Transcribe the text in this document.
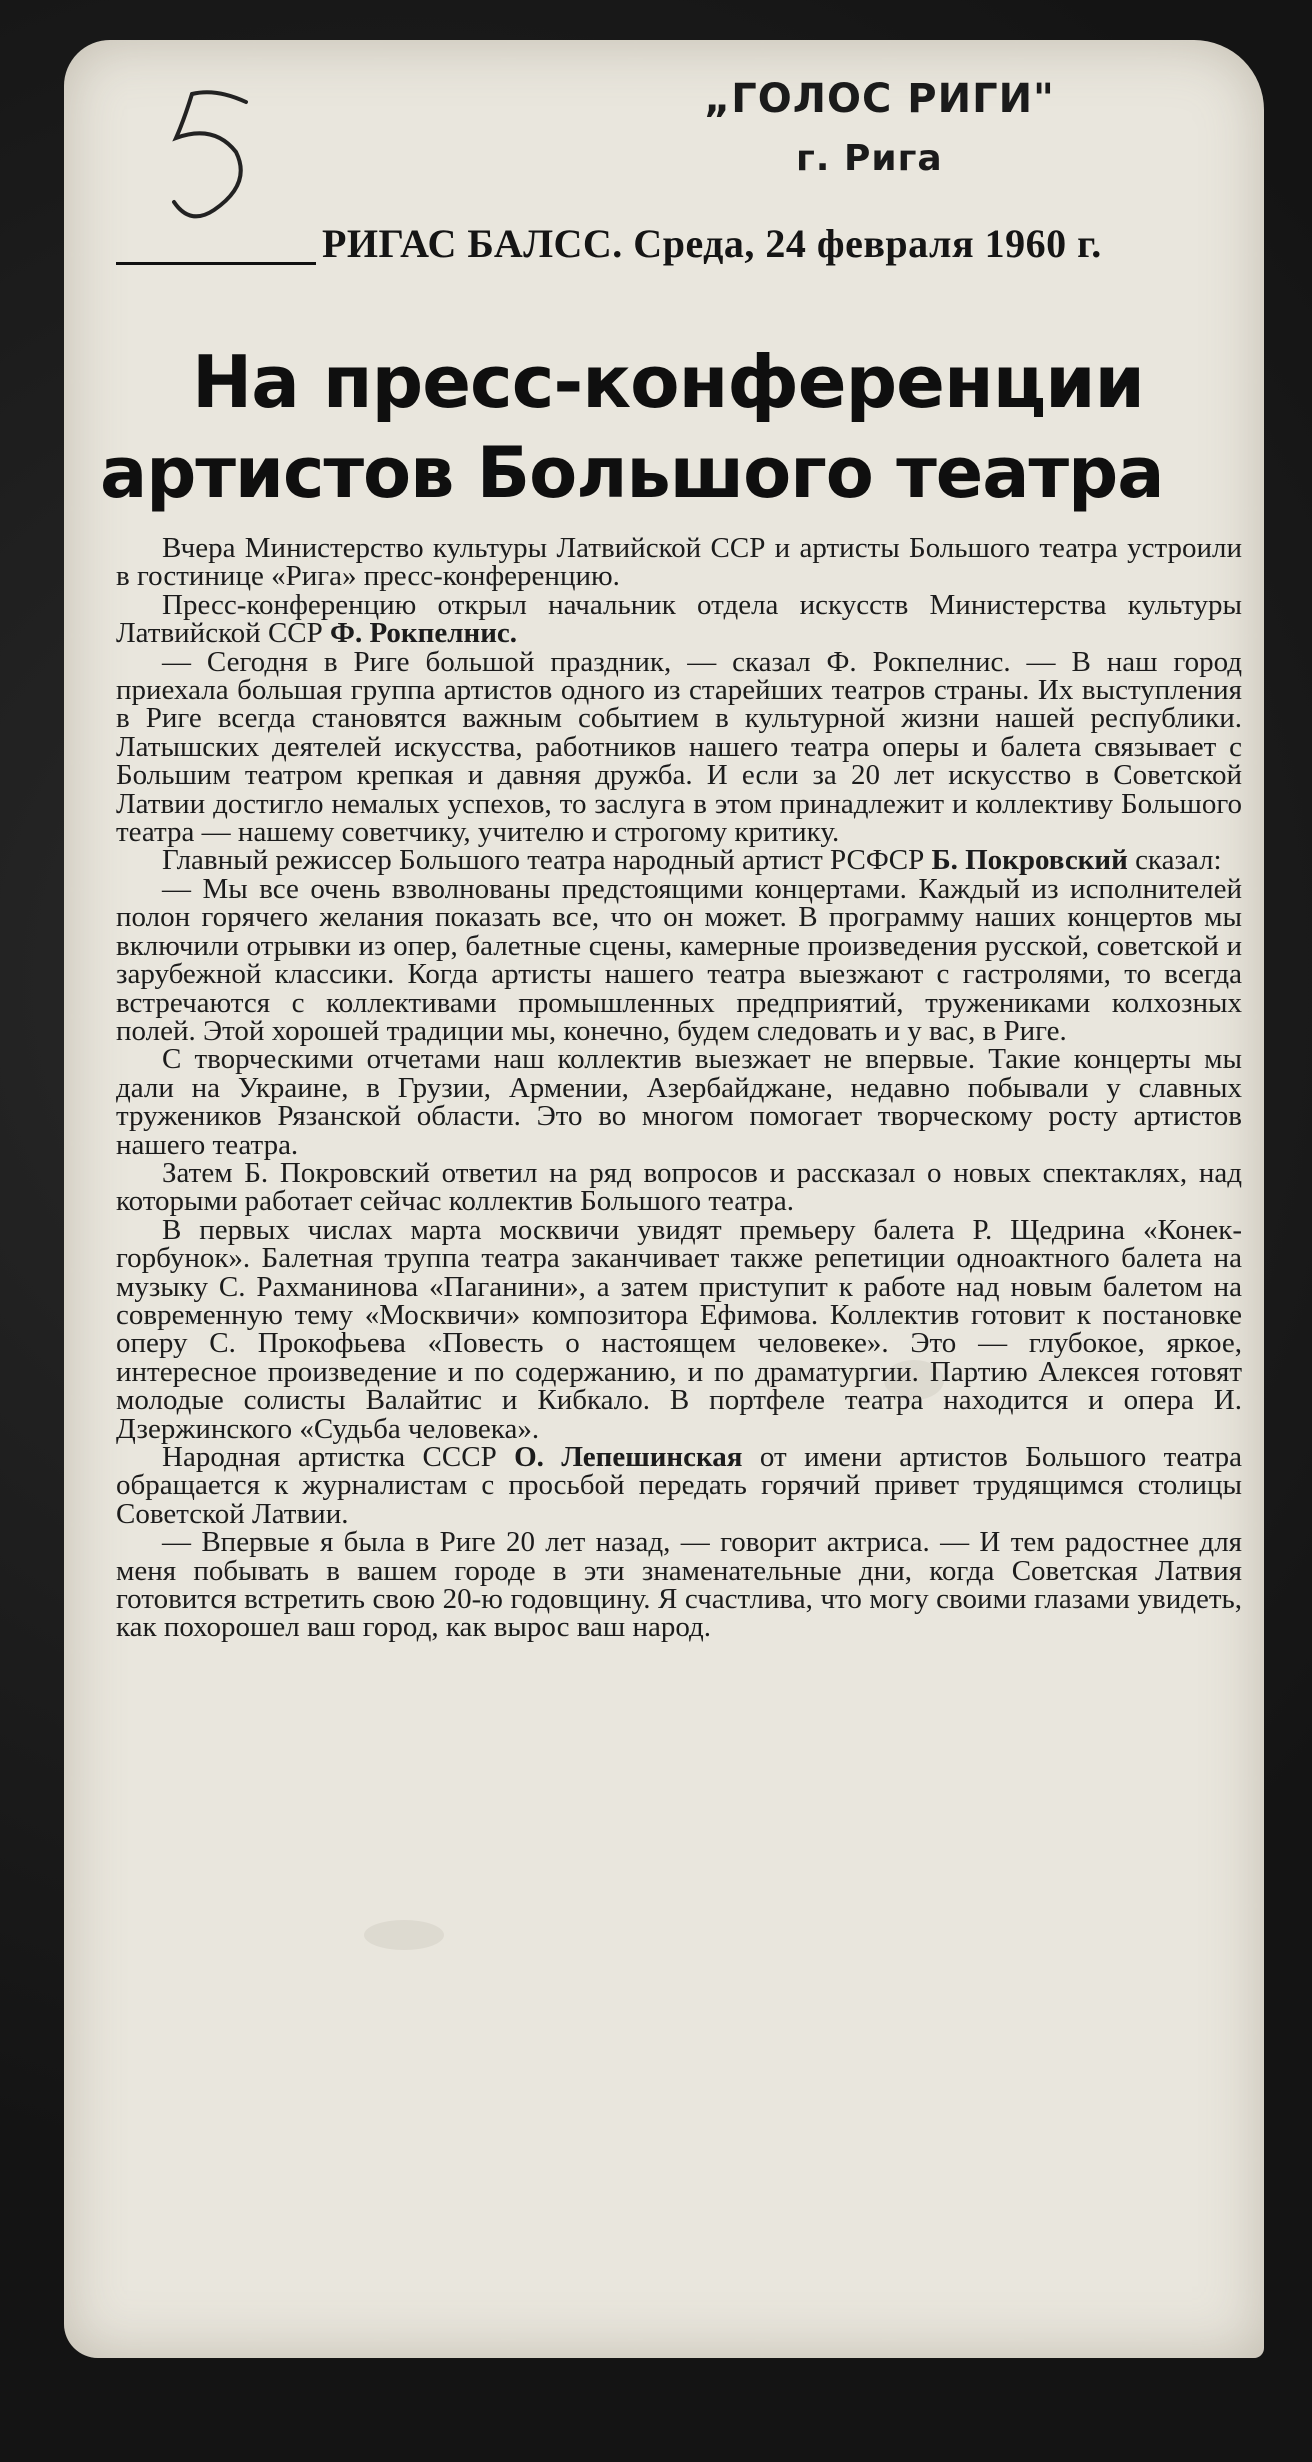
„ГОЛОС РИГИ"
г. Рига
РИГАС БАЛСС. Среда, 24 февраля 1960 г.
На пресс-конференции
артистов Большого театра

Вчера Министерство культуры Латвийской ССР и артисты Большого театра устроили в гостинице «Рига» пресс-конференцию.

Пресс-конференцию открыл начальник отдела искусств Министерства культуры Латвийской ССР Ф. Рокпелнис.

— Сегодня в Риге большой праздник, — сказал Ф. Рокпелнис. — В наш город приехала большая группа артистов одного из старейших театров страны. Их выступления в Риге всегда становятся важным событием в культурной жизни нашей республики. Латышских деятелей искусства, работников нашего театра оперы и балета связывает с Большим театром крепкая и давняя дружба. И если за 20 лет искусство в Советской Латвии достигло немалых успехов, то заслуга в этом принадлежит и коллективу Большого театра — нашему советчику, учителю и строгому критику.

Главный режиссер Большого театра народный артист РСФСР Б. Покровский сказал:

— Мы все очень взволнованы предстоящими концертами. Каждый из исполнителей полон горячего желания показать все, что он может. В программу наших концертов мы включили отрывки из опер, балетные сцены, камерные произведения русской, советской и зарубежной классики. Когда артисты нашего театра выезжают с гастролями, то всегда встречаются с коллективами промышленных предприятий, тружениками колхозных полей. Этой хорошей традиции мы, конечно, будем следовать и у вас, в Риге.

С творческими отчетами наш коллектив выезжает не впервые. Такие концерты мы дали на Украине, в Грузии, Армении, Азербайджане, недавно побывали у славных тружеников Рязанской области. Это во многом помогает творческому росту артистов нашего театра.

Затем Б. Покровский ответил на ряд вопросов и рассказал о новых спектаклях, над которыми работает сейчас коллектив Большого театра.

В первых числах марта москвичи увидят премьеру балета Р. Щедрина «Конек-горбунок». Балетная труппа театра заканчивает также репетиции одноактного балета на музыку С. Рахманинова «Паганини», а затем приступит к работе над новым балетом на современную тему «Москвичи» композитора Ефимова. Коллектив готовит к постановке оперу С. Прокофьева «Повесть о настоящем человеке». Это — глубокое, яркое, интересное произведение и по содержанию, и по драматургии. Партию Алексея готовят молодые солисты Валайтис и Кибкало. В портфеле театра находится и опера И. Дзержинского «Судьба человека».

Народная артистка СССР О. Лепешинская от имени артистов Большого театра обращается к журналистам с просьбой передать горячий привет трудящимся столицы Советской Латвии.

— Впервые я была в Риге 20 лет назад, — говорит актриса. — И тем радостнее для меня побывать в вашем городе в эти знаменательные дни, когда Советская Латвия готовится встретить свою 20-ю годовщину. Я счастлива, что могу своими глазами увидеть, как похорошел ваш город, как вырос ваш народ.
